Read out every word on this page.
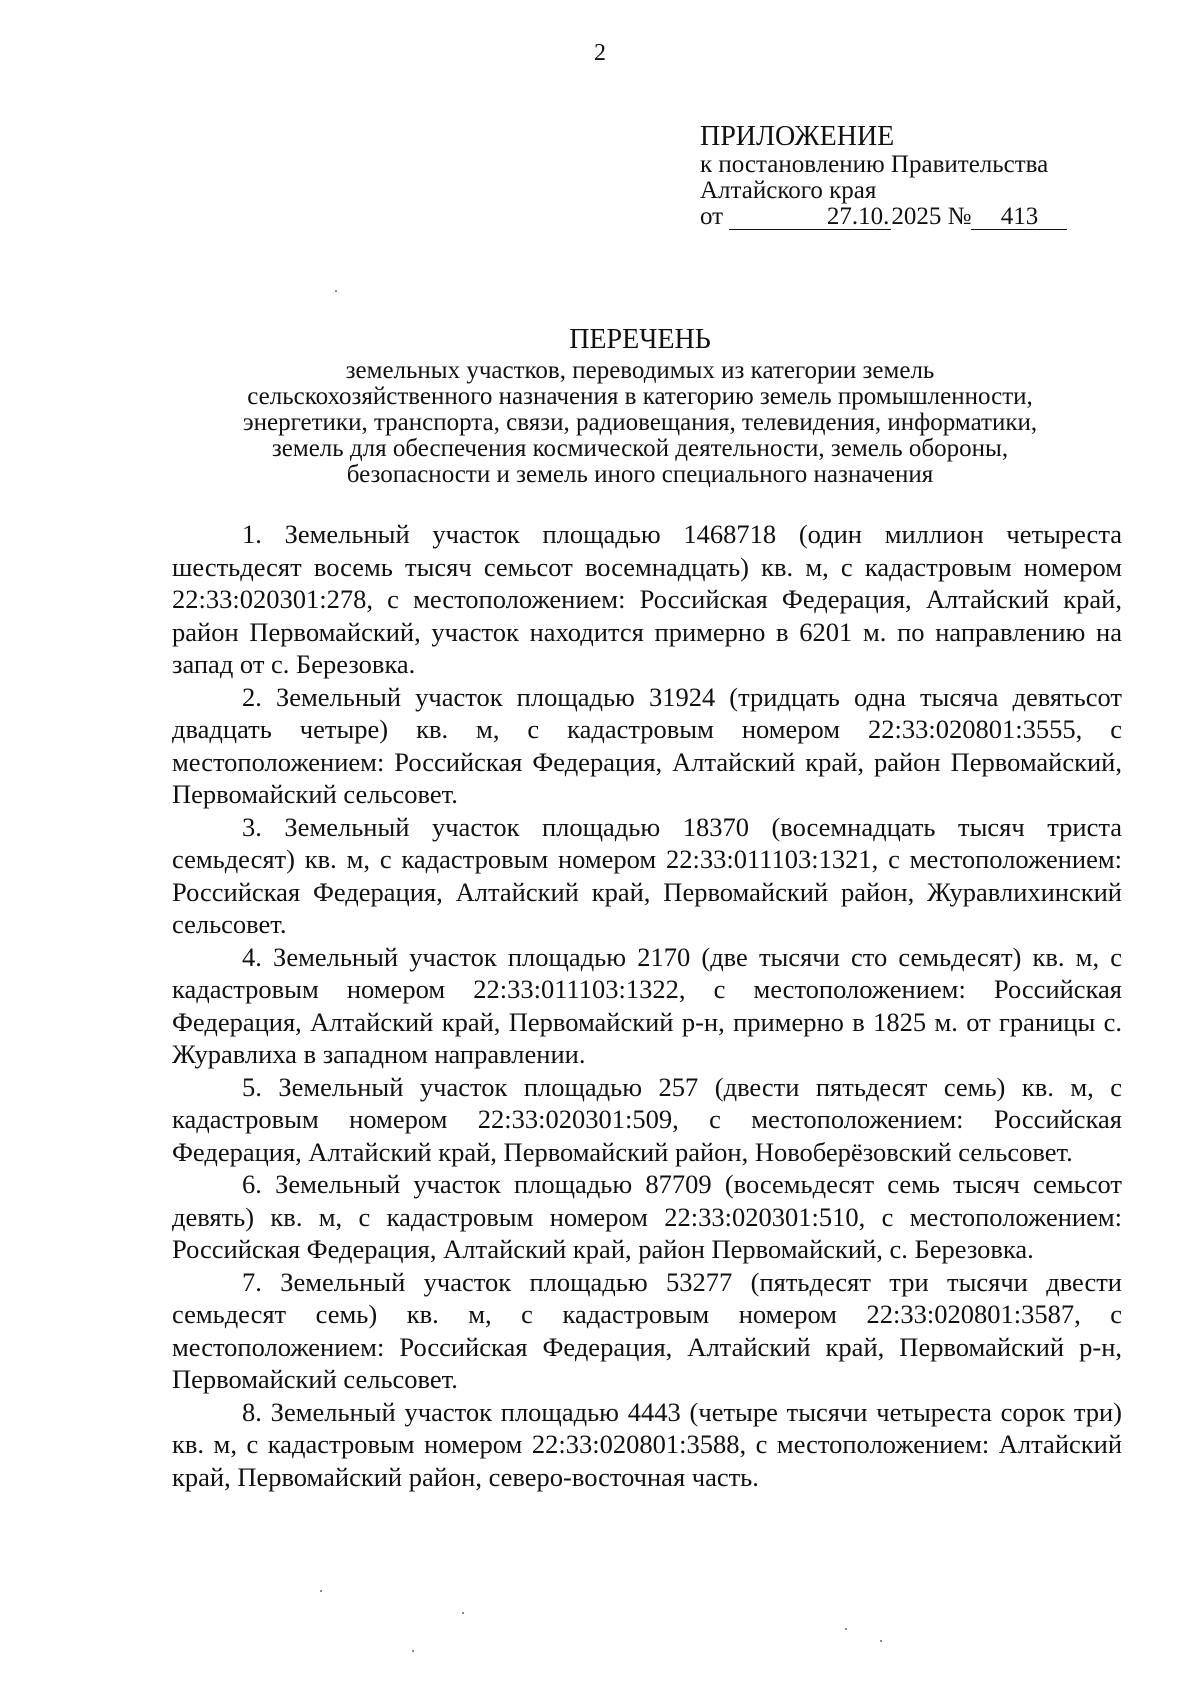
2
ПРИЛОЖЕНИЕ
к постановлению Правительства
Алтайского края
от	27.10.2025 № 413
ПЕРЕЧЕНЬ
земельных участков, переводимых из категории земель
сельскохозяйственного назначения в категорию земель промышленности,
энергетики, транспорта, связи, радиовещания, телевидения, информатики,
земель для обеспечения космической деятельности, земель обороны,
безопасности и земель иного специального назначения

1. Земельный участок площадью 1468718 (один миллион четыреста шестьдесят восемь тысяч семьсот восемнадцать) кв. м, с кадастровым номером 22:33:020301:278, с местоположением: Российская Федерация, Алтайский край, район Первомайский, участок находится примерно в 6201 м. по направлению на запад от с. Березовка.

2. Земельный участок площадью 31924 (тридцать одна тысяча девятьсот двадцать четыре) кв. м, с кадастровым номером 22:33:020801:3555, с местоположением: Российская Федерация, Алтайский край, район Первомайский, Первомайский сельсовет.

3. Земельный участок площадью 18370 (восемнадцать тысяч триста семьдесят) кв. м, с кадастровым номером 22:33:011103:1321, с местоположением: Российская Федерация, Алтайский край, Первомайский район, Журавлихинский сельсовет.

4. Земельный участок площадью 2170 (две тысячи сто семьдесят) кв. м, с кадастровым номером 22:33:011103:1322, с местоположением: Российская Федерация, Алтайский край, Первомайский р-н, примерно в 1825 м. от границы с. Журавлиха в западном направлении.

5. Земельный участок площадью 257 (двести пятьдесят семь) кв. м, с кадастровым номером 22:33:020301:509, с местоположением: Российская Федерация, Алтайский край, Первомайский район, Новоберёзовский сельсовет.

6. Земельный участок площадью 87709 (восемьдесят семь тысяч семьсот девять) кв. м, с кадастровым номером 22:33:020301:510, с местоположением: Российская Федерация, Алтайский край, район Первомайский, с. Березовка.

7. Земельный участок площадью 53277 (пятьдесят три тысячи двести семьдесят семь) кв. м, с кадастровым номером 22:33:020801:3587, с местоположением: Российская Федерация, Алтайский край, Первомайский р-н, Первомайский сельсовет.

8. Земельный участок площадью 4443 (четыре тысячи четыреста сорок три) кв. м, с кадастровым номером 22:33:020801:3588, с местоположением: Алтайский край, Первомайский район, северо-восточная часть.
